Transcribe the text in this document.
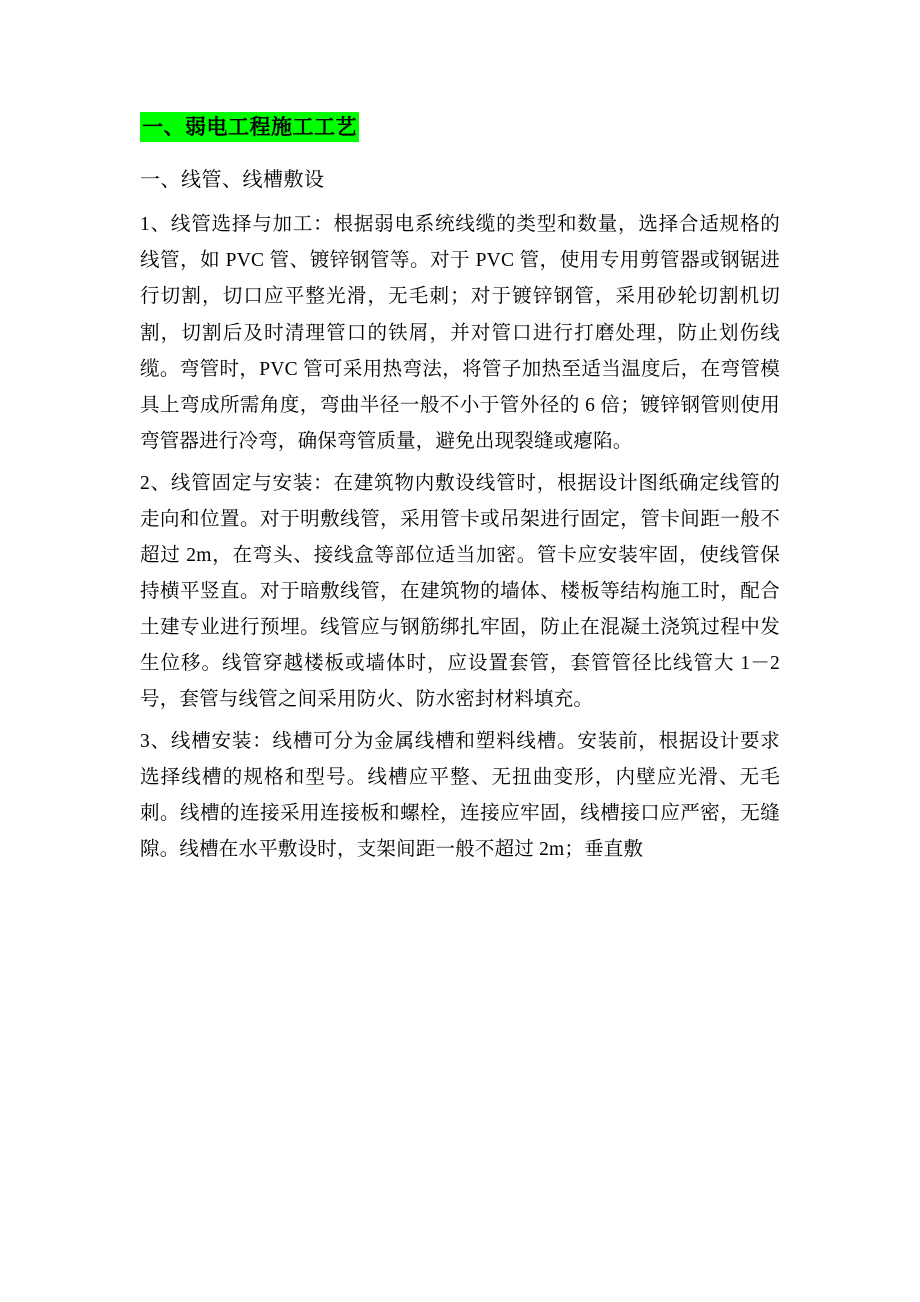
一、弱电工程施工工艺
一、线管、线槽敷设

1、线管选择与加工：根据弱电系统线缆的类型和数量，选择合适规格的线管，如 PVC 管、镀锌钢管等。对于 PVC 管，使用专用剪管器或钢锯进行切割，切口应平整光滑，无毛刺；对于镀锌钢管，采用砂轮切割机切割，切割后及时清理管口的铁屑，并对管口进行打磨处理，防止划伤线缆。弯管时，PVC 管可采用热弯法，将管子加热至适当温度后，在弯管模具上弯成所需角度，弯曲半径一般不小于管外径的 6 倍；镀锌钢管则使用弯管器进行冷弯，确保弯管质量，避免出现裂缝或瘪陷。

2、线管固定与安装：在建筑物内敷设线管时，根据设计图纸确定线管的走向和位置。对于明敷线管，采用管卡或吊架进行固定，管卡间距一般不超过 2m，在弯头、接线盒等部位适当加密。管卡应安装牢固，使线管保持横平竖直。对于暗敷线管，在建筑物的墙体、楼板等结构施工时，配合土建专业进行预埋。线管应与钢筋绑扎牢固，防止在混凝土浇筑过程中发生位移。线管穿越楼板或墙体时，应设置套管，套管管径比线管大 1－2 号，套管与线管之间采用防火、防水密封材料填充。

3、线槽安装：线槽可分为金属线槽和塑料线槽。安装前，根据设计要求选择线槽的规格和型号。线槽应平整、无扭曲变形，内壁应光滑、无毛刺。线槽的连接采用连接板和螺栓，连接应牢固，线槽接口应严密，无缝隙。线槽在水平敷设时，支架间距一般不超过 2m；垂直敷
